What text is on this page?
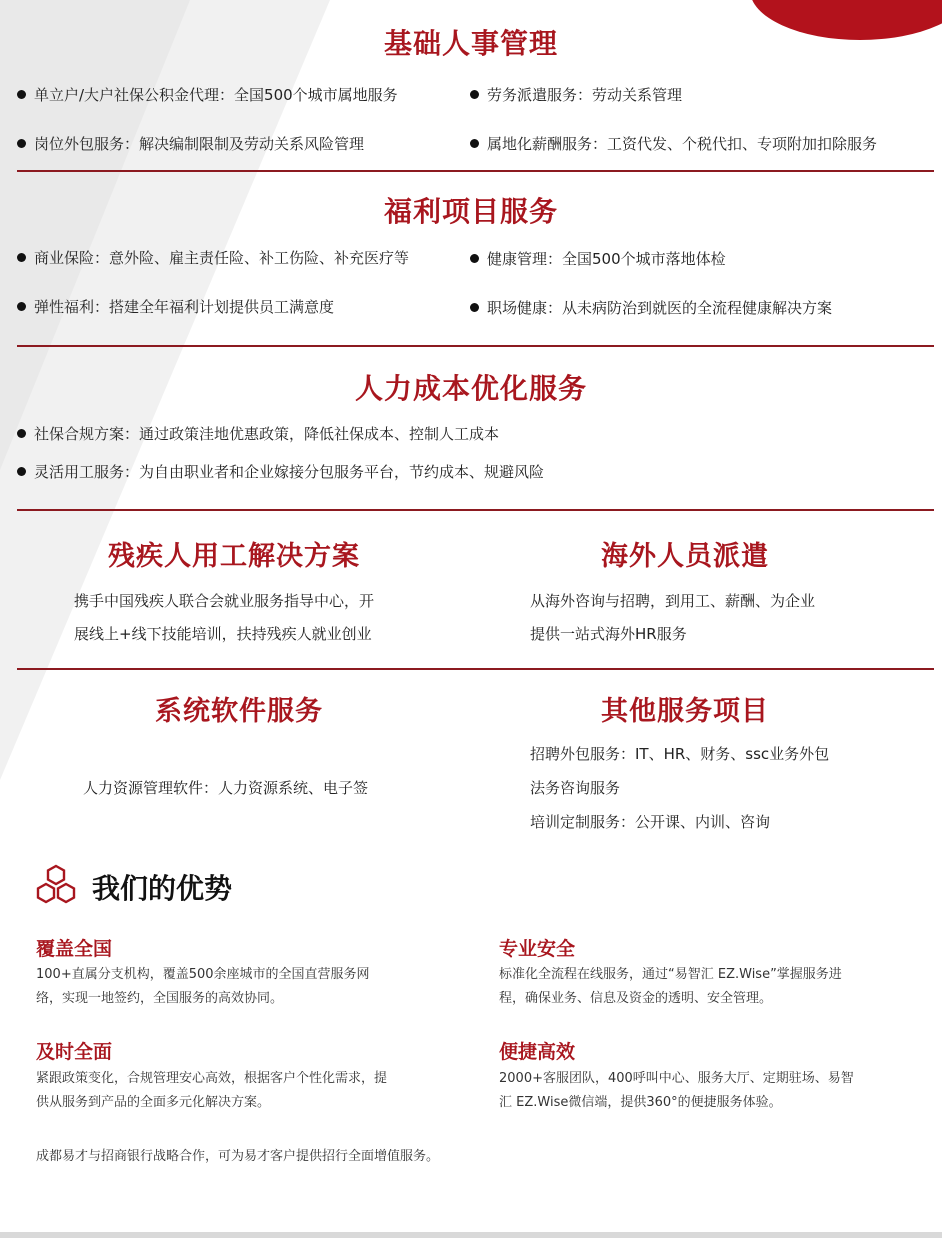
基础人事管理
单立户/大户社保公积金代理：全国500个城市属地服务	劳务派遣服务：劳动关系管理
岗位外包服务：解决编制限制及劳动关系风险管理	属地化薪酬服务：工资代发、个税代扣、专项附加扣除服务
福利项目服务
商业保险：意外险、雇主责任险、补工伤险、补充医疗等	健康管理：全国500个城市落地体检
弹性福利：搭建全年福利计划提供员工满意度	职场健康：从未病防治到就医的全流程健康解决方案
人力成本优化服务
社保合规方案：通过政策洼地优惠政策，降低社保成本、控制人工成本
灵活用工服务：为自由职业者和企业嫁接分包服务平台，节约成本、规避风险
残疾人用工解决方案
携手中国残疾人联合会就业服务指导中心，开
展线上+线下技能培训，扶持残疾人就业创业
海外人员派遣
从海外咨询与招聘，到用工、薪酬、为企业
提供一站式海外HR服务
系统软件服务
人力资源管理软件：人力资源系统、电子签
其他服务项目
招聘外包服务：IT、HR、财务、ssc业务外包
法务咨询服务
培训定制服务：公开课、内训、咨询
我们的优势
覆盖全国
100+直属分支机构，覆盖500余座城市的全国直营服务网
络，实现一地签约，全国服务的高效协同。
专业安全
标准化全流程在线服务，通过“易智汇 EZ.Wise”掌握服务进
程，确保业务、信息及资金的透明、安全管理。
及时全面
紧跟政策变化，合规管理安心高效，根据客户个性化需求，提
供从服务到产品的全面多元化解决方案。
便捷高效
2000+客服团队，400呼叫中心、服务大厅、定期驻场、易智
汇 EZ.Wise微信端，提供360°的便捷服务体验。
成都易才与招商银行战略合作，可为易才客户提供招行全面增值服务。
